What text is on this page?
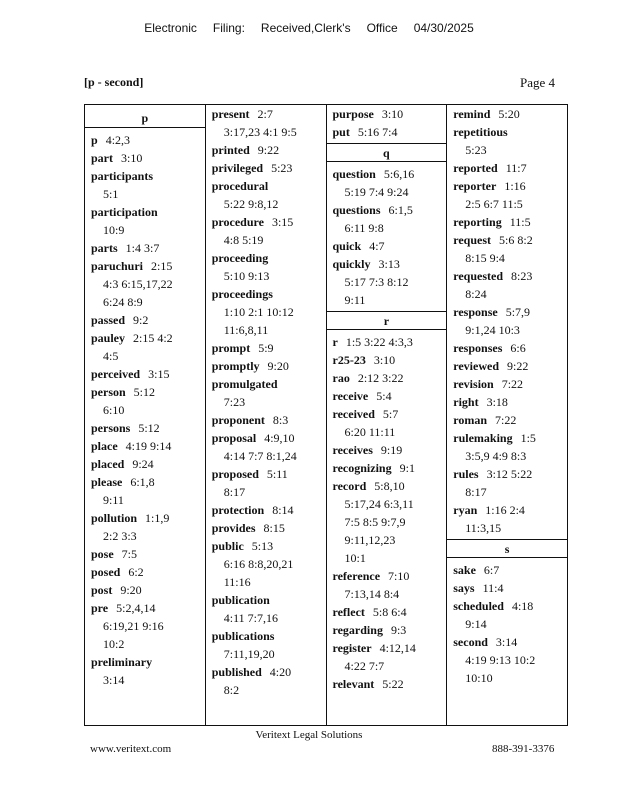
Electronic Filing: Received,Clerk's Office 04/30/2025
[p - second]	Page 4
p
p 4:2,3
part 3:10
participants
5:1
participation
10:9
parts 1:4 3:7
paruchuri 2:15
4:3 6:15,17,22
6:24 8:9
passed 9:2
pauley 2:15 4:2
4:5
perceived 3:15
person 5:12
6:10
persons 5:12
place 4:19 9:14
placed 9:24
please 6:1,8
9:11
pollution 1:1,9
2:2 3:3
pose 7:5
posed 6:2
post 9:20
pre 5:2,4,14
6:19,21 9:16
10:2
preliminary
3:14
present 2:7
3:17,23 4:1 9:5
printed 9:22
privileged 5:23
procedural
5:22 9:8,12
procedure 3:15
4:8 5:19
proceeding
5:10 9:13
proceedings
1:10 2:1 10:12
11:6,8,11
prompt 5:9
promptly 9:20
promulgated
7:23
proponent 8:3
proposal 4:9,10
4:14 7:7 8:1,24
proposed 5:11
8:17
protection 8:14
provides 8:15
public 5:13
6:16 8:8,20,21
11:16
publication
4:11 7:7,16
publications
7:11,19,20
published 4:20
8:2
purpose 3:10
put 5:16 7:4
q
question 5:6,16
5:19 7:4 9:24
questions 6:1,5
6:11 9:8
quick 4:7
quickly 3:13
5:17 7:3 8:12
9:11
r
r 1:5 3:22 4:3,3
r25-23 3:10
rao 2:12 3:22
receive 5:4
received 5:7
6:20 11:11
receives 9:19
recognizing 9:1
record 5:8,10
5:17,24 6:3,11
7:5 8:5 9:7,9
9:11,12,23
10:1
reference 7:10
7:13,14 8:4
reflect 5:8 6:4
regarding 9:3
register 4:12,14
4:22 7:7
relevant 5:22
remind 5:20
repetitious
5:23
reported 11:7
reporter 1:16
2:5 6:7 11:5
reporting 11:5
request 5:6 8:2
8:15 9:4
requested 8:23
8:24
response 5:7,9
9:1,24 10:3
responses 6:6
reviewed 9:22
revision 7:22
right 3:18
roman 7:22
rulemaking 1:5
3:5,9 4:9 8:3
rules 3:12 5:22
8:17
ryan 1:16 2:4
11:3,15
s
sake 6:7
says 11:4
scheduled 4:18
9:14
second 3:14
4:19 9:13 10:2
10:10
Veritext Legal Solutions
www.veritext.com	888-391-3376
